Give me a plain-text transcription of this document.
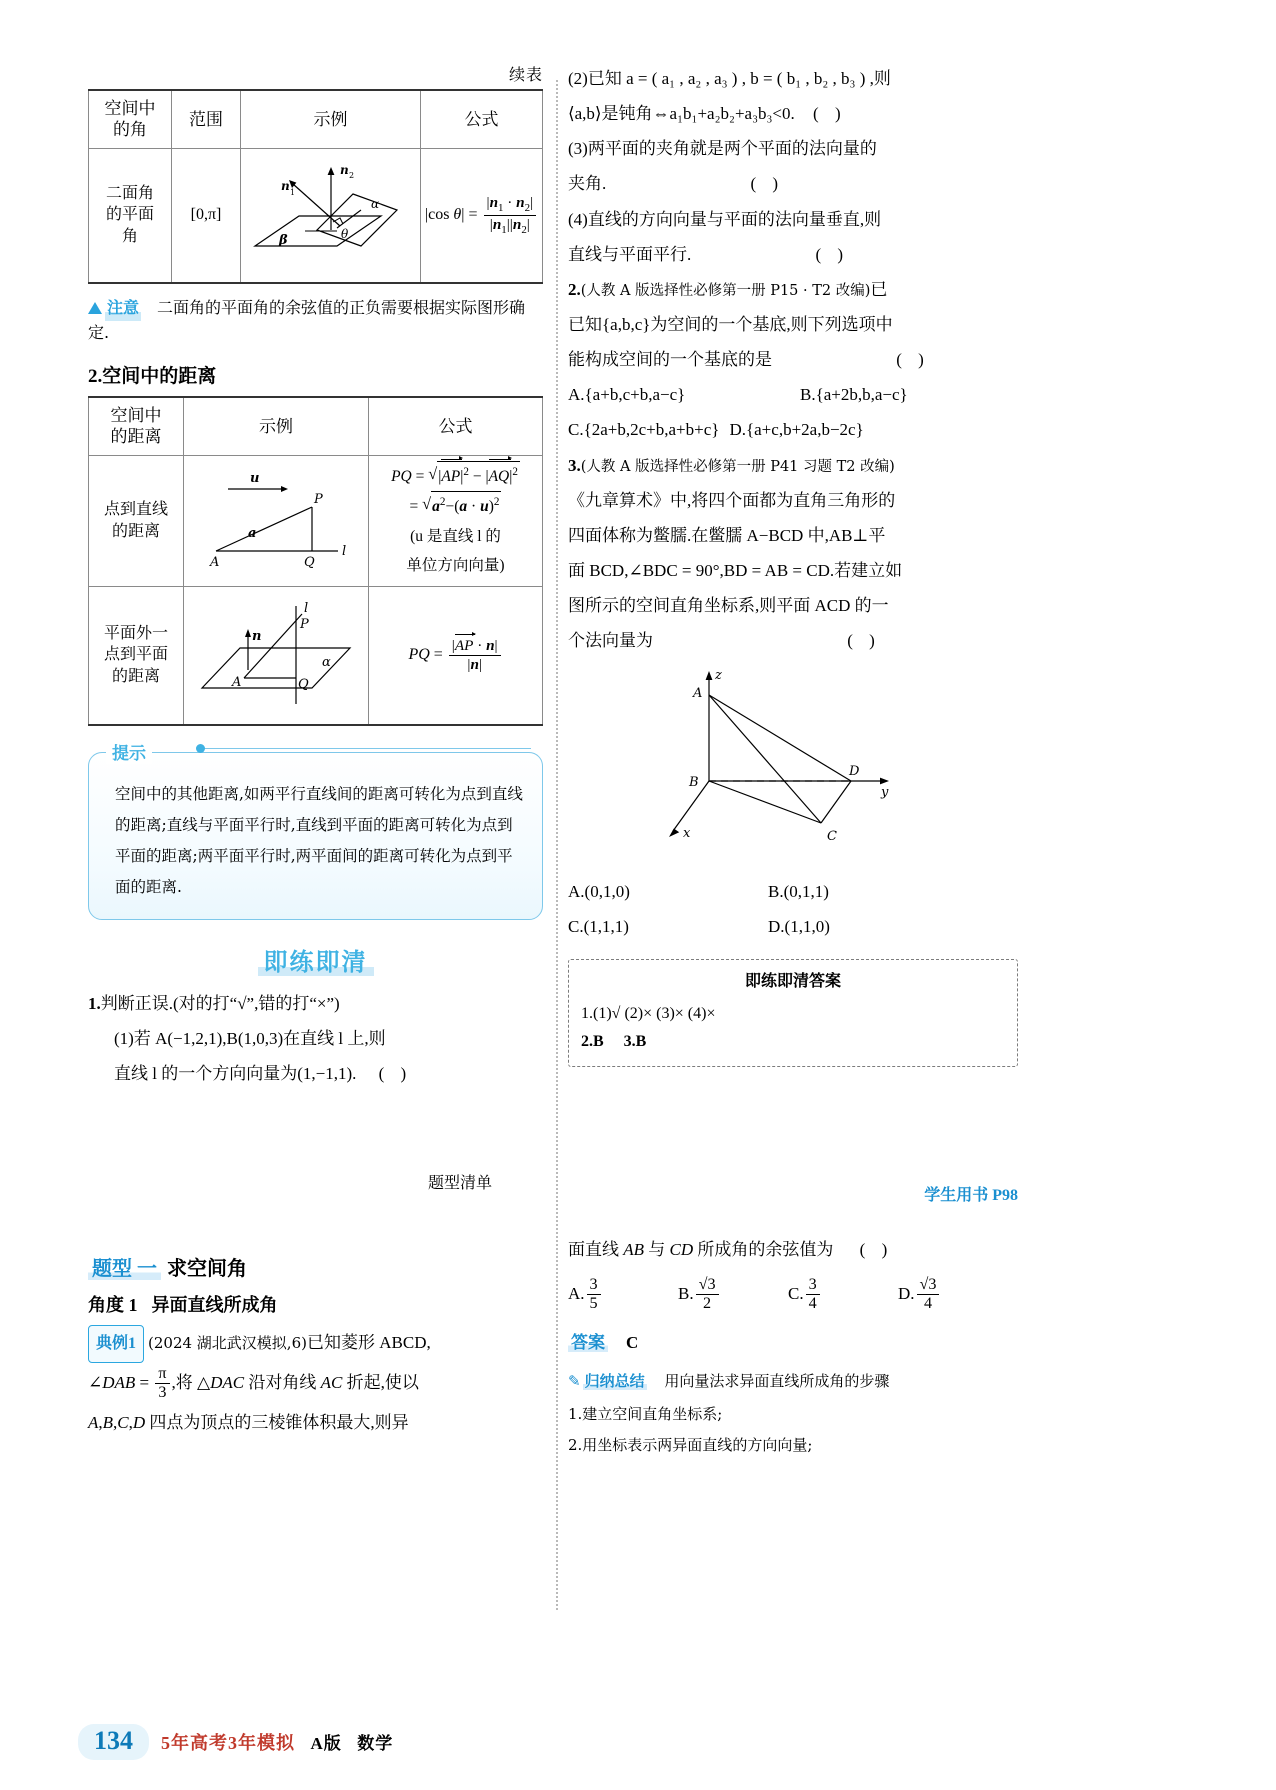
续表
空间中
的角	范围	示例	公式

二面角
的平面
角
	[0,π]	
n 2
n 1
α
β	θ
	|cos $\theta| = \frac{|n_1 \cdot n_2|}{|n_1||n_2|}$
注意 二面角的平面角的余弦值的正负需要根据实际图形确定.
2.空间中的距离
空间中
的距离	示例	公式

点到直线
的距离

u
a
P
A	Q
l

PQ = √ $|AP|^2 - |AQ|^2$
= √ $a^2-(a \cdot u)^2$
(u 是直线 l 的
单位方向向量)

平面外一
点到平面
的距离

l
P
n
α
A	Q
	PQ = $\frac{|AP \cdot n|}{|n|}$
提示
空间中的其他距离,如两平行直线间的距离可转化为点到直线的距离;直线与平面平行时,直线到平面的距离可转化为点到平面的距离;两平面平行时,两平面间的距离可转化为点到平面的距离.
即练即清

1.判断正误.(对的打“√”,错的打“×”)

(1)若 A(−1,2,1),B(1,0,3)在直线 l 上,则

直线 l 的一个方向向量为(1,−1,1). ( )

(2)已知 a = ( a₁ , a₂ , a₃ ) , b = ( b₁ , b₂ , b₃ ) ,则

⟨a,b⟩是钝角⇔a₁b₁+a₂b₂+a₃b₃<0. ( )

(3)两平面的夹角就是两个平面的法向量的

夹角.	( )

(4)直线的方向向量与平面的法向量垂直,则

直线与平面平行.	( )

2.(人教 A 版选择性必修第一册 P15 · T2 改编)已

已知{a,b,c}为空间的一个基底,则下列选项中

能构成空间的一个基底的是	( )

A.{a+b,c+b,a−c}	B.{a+2b,b,a−c}

C.{2a+b,2c+b,a+b+c} D.{a+c,b+2a,b−2c}

3.(人教 A 版选择性必修第一册 P41 习题 T2 改编)

《九章算术》中,将四个面都为直角三角形的

四面体称为鳖臑.在鳖臑 A−BCD 中,AB⊥平

面 BCD,∠BDC = 90°,BD = AB = CD.若建立如

图所示的空间直角坐标系,则平面 ACD 的一

个法向量为	( )

z
y
x
A
B
D
C

A.(0,1,0)	B.(0,1,1)

C.(1,1,1)	D.(1,1,0)

即练即清答案
1.(1)√ (2)× (3)× (4)×
2.B 3.B
题型清单
学生用书 P98
题型 一 求空间角
角度 1 异面直线所成角

典例1 (2024 湖北武汉模拟,6)已知菱形 ABCD,

∠DAB = $\frac{\pi}{3}$ ,将 △DAC 沿对角线 AC 折起,使以

A,B,C,D 四点为顶点的三棱锥体积最大,则异

面直线 AB 与 CD 所成角的余弦值为 ( )

A. $\frac{3}{5}$	B. $\frac{√3}{2}$	C. $\frac{3}{4}$	D. $\frac{√3}{4}$

答案 C
✎ 归纳总结 用向量法求异面直线所成角的步骤
1.建立空间直角坐标系;
2.用坐标表示两异面直线的方向向量;
134	5年高考3年模拟 A版 数学
